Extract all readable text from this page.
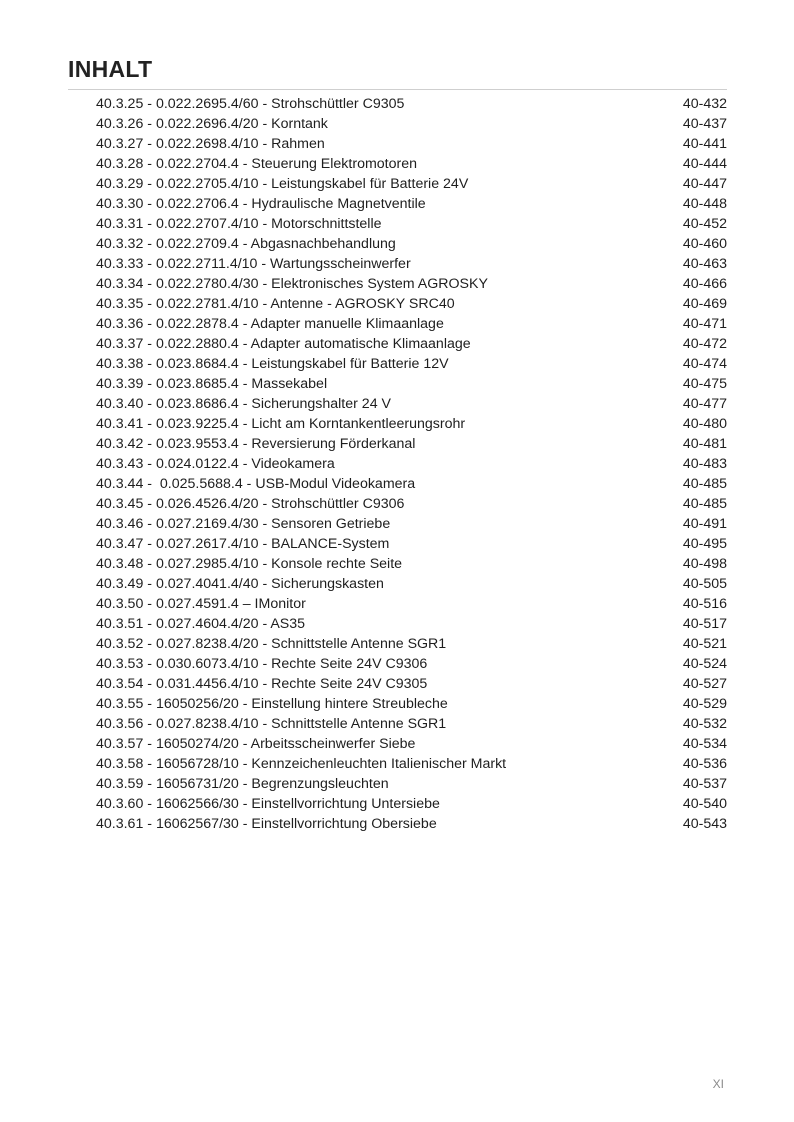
INHALT
40.3.25 - 0.022.2695.4/60 - Strohschüttler C9305	40-432
40.3.26 - 0.022.2696.4/20 - Korntank	40-437
40.3.27 - 0.022.2698.4/10 - Rahmen	40-441
40.3.28 - 0.022.2704.4 - Steuerung Elektromotoren	40-444
40.3.29 - 0.022.2705.4/10 - Leistungskabel für Batterie 24V	40-447
40.3.30 - 0.022.2706.4 - Hydraulische Magnetventile	40-448
40.3.31 - 0.022.2707.4/10 - Motorschnittstelle	40-452
40.3.32 - 0.022.2709.4 - Abgasnachbehandlung	40-460
40.3.33 - 0.022.2711.4/10 - Wartungsscheinwerfer	40-463
40.3.34 - 0.022.2780.4/30 - Elektronisches System AGROSKY	40-466
40.3.35 - 0.022.2781.4/10 - Antenne - AGROSKY SRC40	40-469
40.3.36 - 0.022.2878.4 - Adapter manuelle Klimaanlage	40-471
40.3.37 - 0.022.2880.4 - Adapter automatische Klimaanlage	40-472
40.3.38 - 0.023.8684.4 - Leistungskabel für Batterie 12V	40-474
40.3.39 - 0.023.8685.4 - Massekabel	40-475
40.3.40 - 0.023.8686.4 - Sicherungshalter 24 V	40-477
40.3.41 - 0.023.9225.4 - Licht am Korntankentleerungsrohr	40-480
40.3.42 - 0.023.9553.4 - Reversierung Förderkanal	40-481
40.3.43 - 0.024.0122.4 - Videokamera	40-483
40.3.44 -  0.025.5688.4 - USB-Modul Videokamera	40-485
40.3.45 - 0.026.4526.4/20 - Strohschüttler C9306	40-485
40.3.46 - 0.027.2169.4/30 - Sensoren Getriebe	40-491
40.3.47 - 0.027.2617.4/10 - BALANCE-System	40-495
40.3.48 - 0.027.2985.4/10 - Konsole rechte Seite	40-498
40.3.49 - 0.027.4041.4/40 - Sicherungskasten	40-505
40.3.50 - 0.027.4591.4 – IMonitor	40-516
40.3.51 - 0.027.4604.4/20 - AS35	40-517
40.3.52 - 0.027.8238.4/20 - Schnittstelle Antenne SGR1	40-521
40.3.53 - 0.030.6073.4/10 - Rechte Seite 24V C9306	40-524
40.3.54 - 0.031.4456.4/10 - Rechte Seite 24V C9305	40-527
40.3.55 - 16050256/20 - Einstellung hintere Streubleche	40-529
40.3.56 - 0.027.8238.4/10 - Schnittstelle Antenne SGR1	40-532
40.3.57 - 16050274/20 - Arbeitsscheinwerfer Siebe	40-534
40.3.58 - 16056728/10 - Kennzeichenleuchten Italienischer Markt	40-536
40.3.59 - 16056731/20 - Begrenzungsleuchten	40-537
40.3.60 - 16062566/30 - Einstellvorrichtung Untersiebe	40-540
40.3.61 - 16062567/30 - Einstellvorrichtung Obersiebe	40-543
XI
